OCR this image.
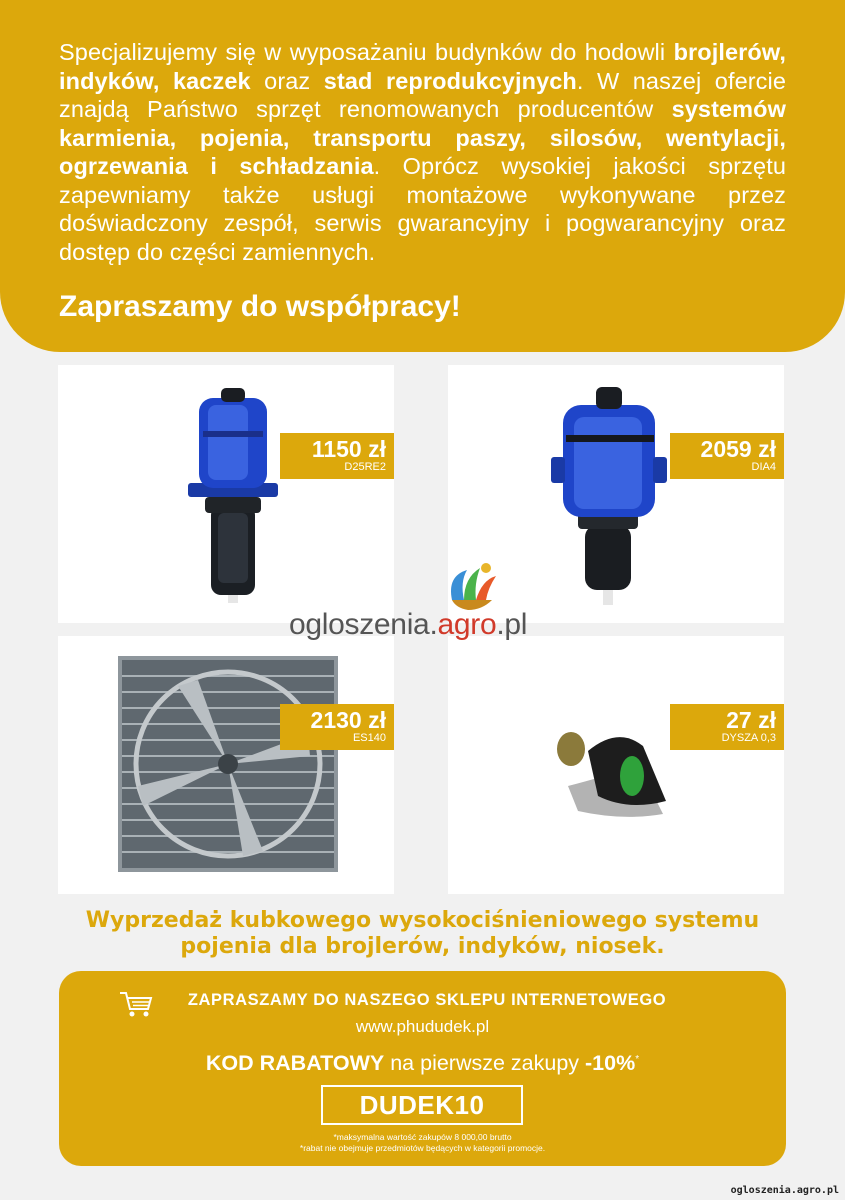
Specjalizujemy się w wyposażaniu budynków do hodowli brojlerów, indyków, kaczek oraz stad reprodukcyjnych. W naszej ofercie znajdą Państwo sprzęt renomowanych producentów systemów karmienia, pojenia, transportu paszy, silosów, wentylacji, ogrzewania i schładzania. Oprócz wysokiej jakości sprzętu zapewniamy także usługi montażowe wykonywane przez doświadczony zespół, serwis gwarancyjny i pogwarancyjny oraz dostęp do części zamiennych.

Zapraszamy do współpracy!
1150 zł
D25RE2
2059 zł
DIA4
2130 zł
ES140
27 zł
DYSZA 0,3
ogloszenia.agro.pl
Wyprzedaż kubkowego wysokociśnieniowego systemu
pojenia dla brojlerów, indyków, niosek.
ZAPRASZAMY DO NASZEGO SKLEPU INTERNETOWEGO
www.phududek.pl
KOD RABATOWY na pierwsze zakupy -10%*
DUDEK10
*maksymalna wartość zakupów 8 000,00 brutto
*rabat nie obejmuje przedmiotów będących w kategorii promocje.
ogloszenia.agro.pl
